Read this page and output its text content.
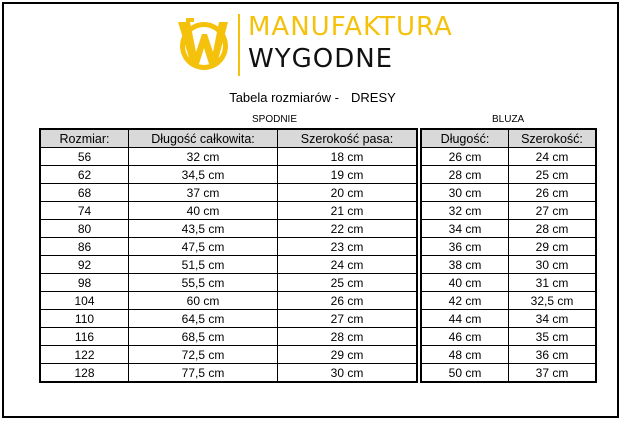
MANUFAKTURA
WYGODNE
Tabela rozmiarów - DRESY
SPODNIE	BLUZA
Rozmiar:	Długość całkowita:	Szerokość pasa:		Długość:	Szerokość:
56	32 cm	18 cm		26 cm	24 cm
62	34,5 cm	19 cm		28 cm	25 cm
68	37 cm	20 cm		30 cm	26 cm
74	40 cm	21 cm		32 cm	27 cm
80	43,5 cm	22 cm		34 cm	28 cm
86	47,5 cm	23 cm		36 cm	29 cm
92	51,5 cm	24 cm		38 cm	30 cm
98	55,5 cm	25 cm		40 cm	31 cm
104	60 cm	26 cm		42 cm	32,5 cm
110	64,5 cm	27 cm		44 cm	34 cm
116	68,5 cm	28 cm		46 cm	35 cm
122	72,5 cm	29 cm		48 cm	36 cm
128	77,5 cm	30 cm		50 cm	37 cm
